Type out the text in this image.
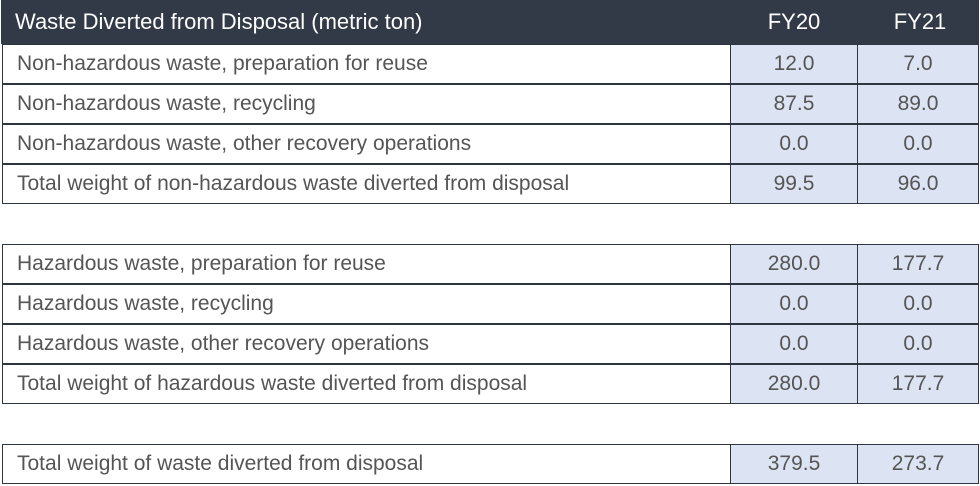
Waste Diverted from Disposal (metric ton)	FY20	FY21
Non-hazardous waste, preparation for reuse	12.0	7.0
Non-hazardous waste, recycling	87.5	89.0
Non-hazardous waste, other recovery operations	0.0	0.0
Total weight of non-hazardous waste diverted from disposal	99.5	96.0
Hazardous waste, preparation for reuse	280.0	177.7
Hazardous waste, recycling	0.0	0.0
Hazardous waste, other recovery operations	0.0	0.0
Total weight of hazardous waste diverted from disposal	280.0	177.7
Total weight of waste diverted from disposal	379.5	273.7
